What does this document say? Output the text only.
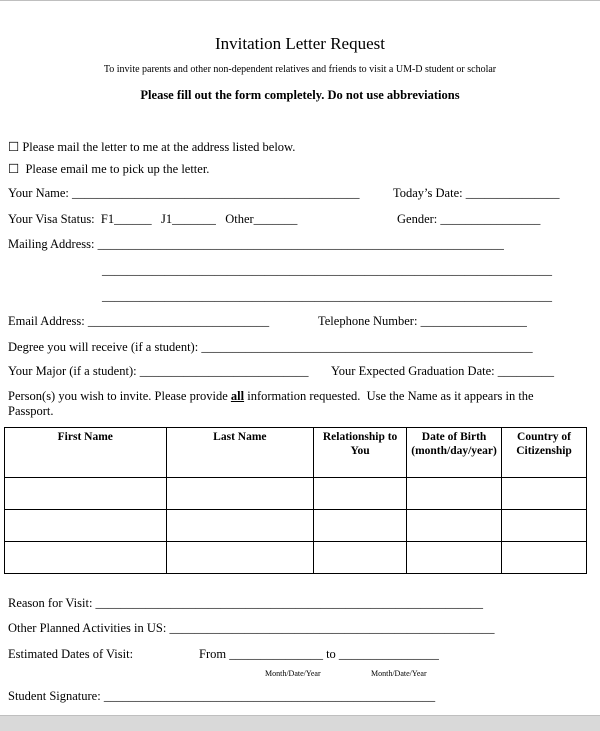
Invitation Letter Request
To invite parents and other non-dependent relatives and friends to visit a UM-D student or scholar
Please fill out the form completely. Do not use abbreviations
☐ Please mail the letter to me at the address listed below.
☐  Please email me to pick up the letter.
Your Name: ______________________________________________	Today’s Date: _______________
Your Visa Status:  F1______   J1_______   Other_______	Gender: ________________
Mailing Address: _________________________________________________________________
________________________________________________________________________
________________________________________________________________________
Email Address: _____________________________	Telephone Number: _________________
Degree you will receive (if a student): _____________________________________________________
Your Major (if a student): ___________________________ Your Expected Graduation Date: _________
Person(s) you wish to invite. Please provide all information requested.  Use the Name as it appears in the
Passport.
First Name	Last Name	Relationship to You	Date of Birth (month/day/year)	Country of Citizenship

Reason for Visit: ______________________________________________________________
Other Planned Activities in US: ____________________________________________________
Estimated Dates of Visit:	From _______________ to ________________
Month/Date/Year	Month/Date/Year
Student Signature: _____________________________________________________
